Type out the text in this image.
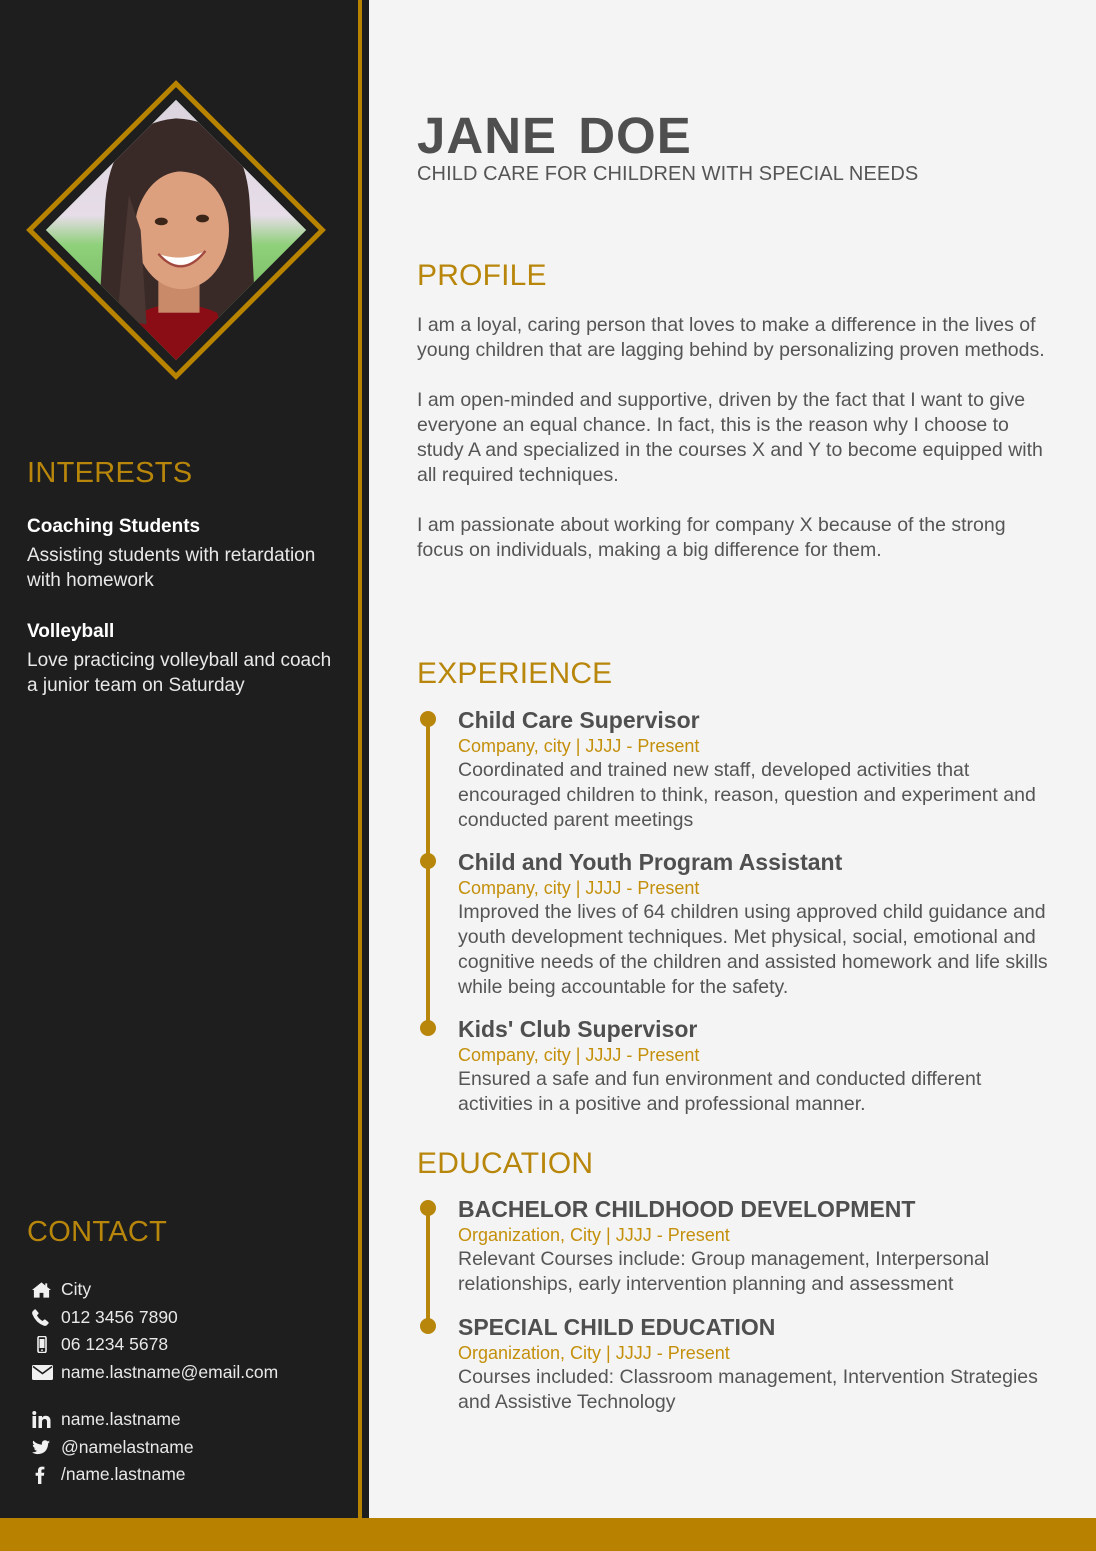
INTERESTS
Coaching Students
Assisting students with retardation with homework
Volleyball
Love practicing volleyball and coach a junior team on Saturday
CONTACT
City
012 3456 7890
06 1234 5678
name.lastname@email.com
name.lastname
@namelastname
/name.lastname
JANE DOE
CHILD CARE FOR CHILDREN WITH SPECIAL NEEDS
PROFILE

I am a loyal, caring person that loves to make a difference in the lives of young children that are lagging behind by personalizing proven methods.

I am open-minded and supportive, driven by the fact that I want to give everyone an equal chance. In fact, this is the reason why I choose to study A and specialized in the courses X and Y to become equipped with all required techniques.

I am passionate about working for company X because of the strong focus on individuals, making a big difference for them.

EXPERIENCE
Child Care Supervisor
Company, city | JJJJ - Present
Coordinated and trained new staff, developed activities that encouraged children to think, reason, question and experiment and conducted parent meetings
Child and Youth Program Assistant
Company, city | JJJJ - Present
Improved the lives of 64 children using approved child guidance and youth development techniques. Met physical, social, emotional and cognitive needs of the children and assisted homework and life skills while being accountable for the safety.
Kids' Club Supervisor
Company, city | JJJJ - Present
Ensured a safe and fun environment and conducted different activities in a positive and professional manner.
EDUCATION
BACHELOR CHILDHOOD DEVELOPMENT
Organization, City | JJJJ - Present
Relevant Courses include: Group management, Interpersonal relationships, early intervention planning and assessment
SPECIAL CHILD EDUCATION
Organization, City | JJJJ - Present
Courses included: Classroom management, Intervention Strategies and Assistive Technology
